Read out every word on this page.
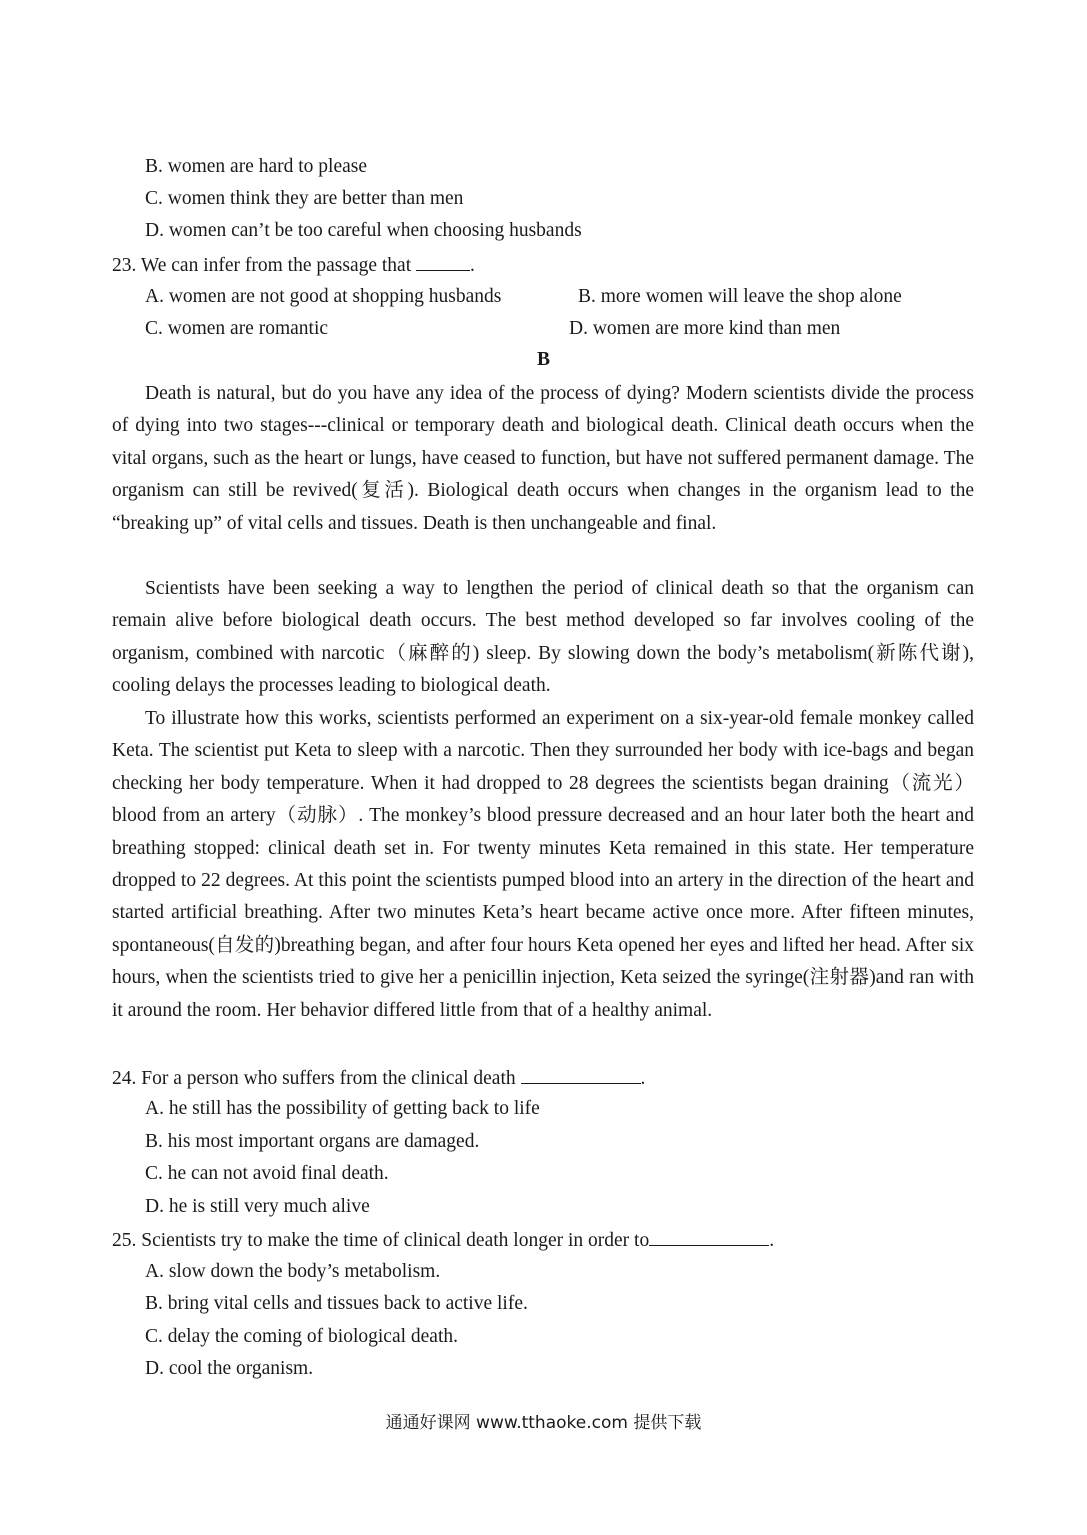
B. women are hard to please
C. women think they are better than men
D. women can’t be too careful when choosing husbands
23. We can infer from the passage that	.
A. women are not good at shopping husbands	B. more women will leave the shop alone
C. women are romantic	D. women are more kind than men
B
Death is natural, but do you have any idea of the process of dying? Modern scientists divide the process of dying into two stages---clinical or temporary death and biological death. Clinical death occurs when the vital organs, such as the heart or lungs, have ceased to function, but have not suffered permanent damage. The organism can still be revived(复活). Biological death occurs when changes in the organism lead to the “breaking up” of vital cells and tissues. Death is then unchangeable and final.
Scientists have been seeking a way to lengthen the period of clinical death so that the organism can remain alive before biological death occurs. The best method developed so far involves cooling of the organism, combined with narcotic（麻醉的) sleep. By slowing down the body’s metabolism(新陈代谢), cooling delays the processes leading to biological death.
To illustrate how this works, scientists performed an experiment on a six-year-old female monkey called Keta. The scientist put Keta to sleep with a narcotic. Then they surrounded her body with ice-bags and began checking her body temperature. When it had dropped to 28 degrees the scientists began draining（流光） blood from an artery（动脉）. The monkey’s blood pressure decreased and an hour later both the heart and breathing stopped: clinical death set in. For twenty minutes Keta remained in this state. Her temperature dropped to 22 degrees. At this point the scientists pumped blood into an artery in the direction of the heart and started artificial breathing. After two minutes Keta’s heart became active once more. After fifteen minutes, spontaneous(自发的)breathing began, and after four hours Keta opened her eyes and lifted her head. After six hours, when the scientists tried to give her a penicillin injection, Keta seized the syringe(注射器)and ran with it around the room. Her behavior differed little from that of a healthy animal.
24. For a person who suffers from the clinical death	.
A. he still has the possibility of getting back to life
B. his most important organs are damaged.
C. he can not avoid final death.
D. he is still very much alive
25. Scientists try to make the time of clinical death longer in order to	.
A. slow down the body’s metabolism.
B. bring vital cells and tissues back to active life.
C. delay the coming of biological death.
D. cool the organism.
通通好课网 www.tthaoke.com 提供下载
